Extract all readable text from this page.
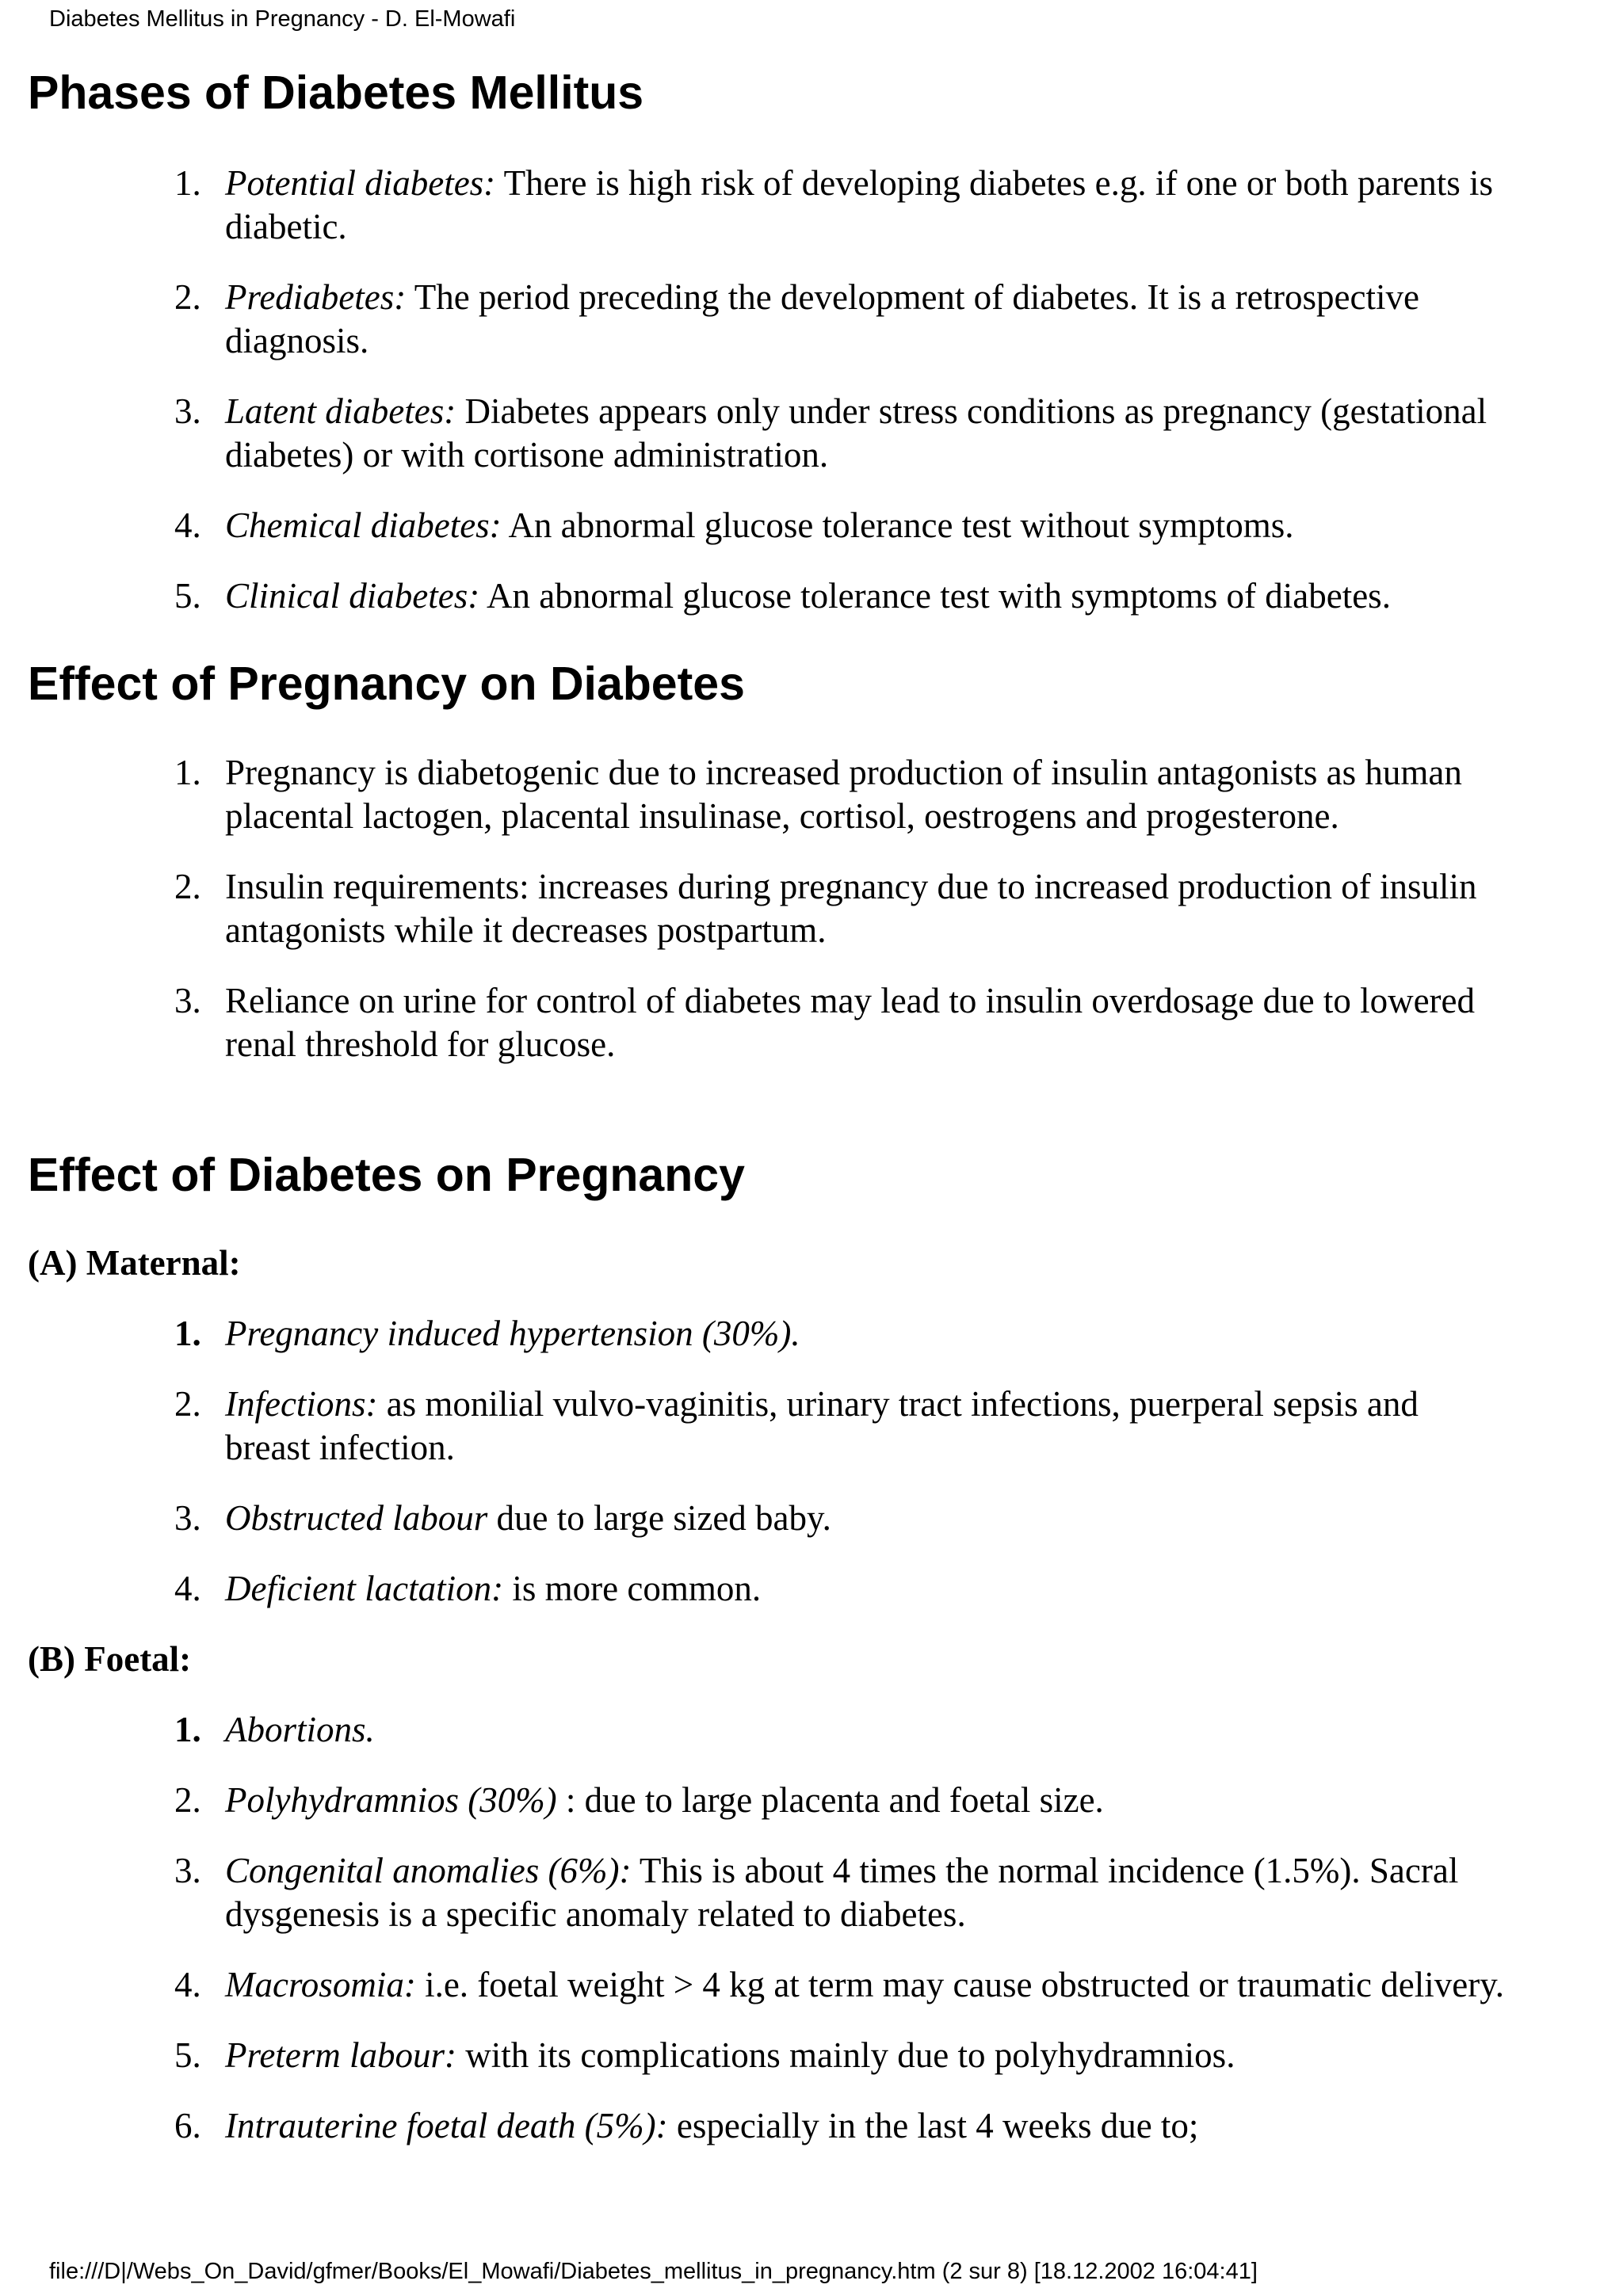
Diabetes Mellitus in Pregnancy - D. El-Mowafi
Phases of Diabetes Mellitus
1. Potential diabetes: There is high risk of developing diabetes e.g. if one or both parents is diabetic.
2. Prediabetes: The period preceding the development of diabetes. It is a retrospective diagnosis.
3. Latent diabetes: Diabetes appears only under stress conditions as pregnancy (gestational diabetes) or with cortisone administration.
4. Chemical diabetes: An abnormal glucose tolerance test without symptoms.
5. Clinical diabetes: An abnormal glucose tolerance test with symptoms of diabetes.
Effect of Pregnancy on Diabetes
1. Pregnancy is diabetogenic due to increased production of insulin antagonists as human placental lactogen, placental insulinase, cortisol, oestrogens and progesterone.
2. Insulin requirements: increases during pregnancy due to increased production of insulin antagonists while it decreases postpartum.
3. Reliance on urine for control of diabetes may lead to insulin overdosage due to lowered renal threshold for glucose.
Effect of Diabetes on Pregnancy
(A) Maternal:
1. Pregnancy induced hypertension (30%).
2. Infections: as monilial vulvo-vaginitis, urinary tract infections, puerperal sepsis and breast infection.
3. Obstructed labour due to large sized baby.
4. Deficient lactation: is more common.
(B) Foetal:
1. Abortions.
2. Polyhydramnios (30%) : due to large placenta and foetal size.
3. Congenital anomalies (6%): This is about 4 times the normal incidence (1.5%). Sacral dysgenesis is a specific anomaly related to diabetes.
4. Macrosomia: i.e. foetal weight > 4 kg at term may cause obstructed or traumatic delivery.
5. Preterm labour: with its complications mainly due to polyhydramnios.
6. Intrauterine foetal death (5%): especially in the last 4 weeks due to;
file:///D|/Webs_On_David/gfmer/Books/El_Mowafi/Diabetes_mellitus_in_pregnancy.htm (2 sur 8) [18.12.2002 16:04:41]
